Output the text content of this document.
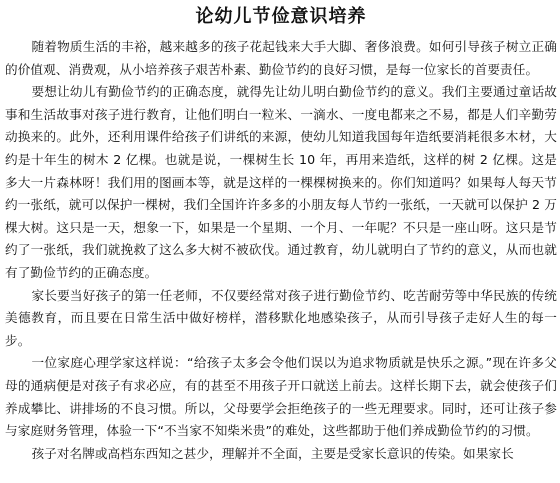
论幼儿节俭意识培养

随着物质生活的丰裕，越来越多的孩子花起钱来大手大脚、奢侈浪费。如何引导孩子树立正确的价值观、消费观，从小培养孩子艰苦朴素、勤俭节约的良好习惯，是每一位家长的首要责任。

要想让幼儿有勤俭节约的正确态度，就得先让幼儿明白勤俭节约的意义。我们主要通过童话故事和生活故事对孩子进行教育，让他们明白一粒米、一滴水、一度电都来之不易，都是人们辛勤劳动换来的。此外，还利用课件给孩子们讲纸的来源，使幼儿知道我国每年造纸要消耗很多木材，大约是十年生的树木 2 亿棵。也就是说，一棵树生长 10 年，再用来造纸，这样的树 2 亿棵。这是多大一片森林呀！我们用的图画本等，就是这样的一棵棵树换来的。你们知道吗？如果每人每天节约一张纸，就可以保护一棵树，我们全国许许多多的小朋友每人节约一张纸，一天就可以保护 2 万棵大树。这只是一天，想象一下，如果是一个星期、一个月、一年呢？不只是一座山呀。这只是节约了一张纸，我们就挽救了这么多大树不被砍伐。通过教育，幼儿就明白了节约的意义，从而也就有了勤俭节约的正确态度。

家长要当好孩子的第一任老师，不仅要经常对孩子进行勤俭节约、吃苦耐劳等中华民族的传统美德教育，而且要在日常生活中做好榜样，潜移默化地感染孩子，从而引导孩子走好人生的每一步。

一位家庭心理学家这样说：“给孩子太多会令他们误以为追求物质就是快乐之源。”现在许多父母的通病便是对孩子有求必应，有的甚至不用孩子开口就送上前去。这样长期下去，就会使孩子们养成攀比、讲排场的不良习惯。所以，父母要学会拒绝孩子的一些无理要求。同时，还可让孩子参与家庭财务管理，体验一下“不当家不知柴米贵”的难处，这些都助于他们养成勤俭节约的习惯。

孩子对名牌或高档东西知之甚少，理解并不全面，主要是受家长意识的传染。如果家长
